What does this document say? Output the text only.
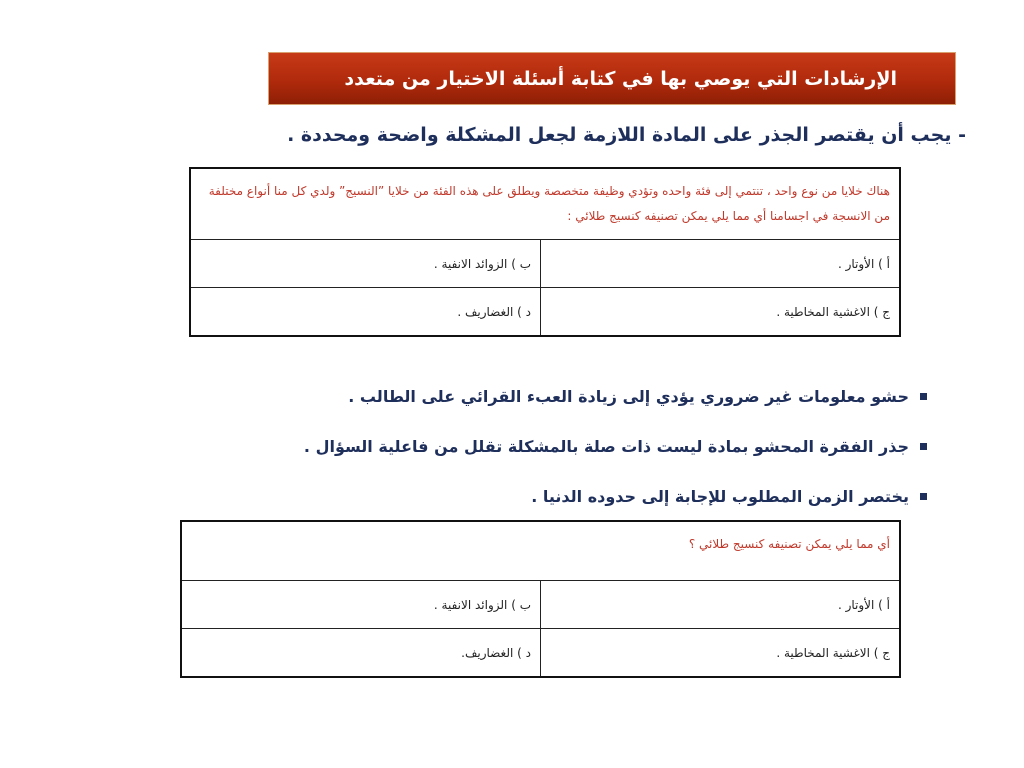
الإرشادات التي يوصي بها في كتابة أسئلة الاختيار من متعدد
- يجب أن يقتصر الجذر على المادة اللازمة لجعل المشكلة واضحة ومحددة .
هناك خلايا من نوع واحد ، تنتمي إلى فئة واحده وتؤدي وظيفة متخصصة ويطلق على هذه الفئة من خلايا ”النسيج” ولدي كل منا أنواع مختلفة من الانسجة في اجسامنا أي مما يلي يمكن تصنيفه كنسيج طلائي :	
أ ) الأوتار .	ب ) الزوائد الانفية .
ج ) الاغشية المخاطية .	د ) الغضاريف .
حشو معلومات غير ضروري يؤدي إلى زيادة العبء القرائي على الطالب .
جذر الفقرة المحشو بمادة ليست ذات صلة بالمشكلة تقلل من فاعلية السؤال .
يختصر الزمن المطلوب للإجابة إلى حدوده الدنيا .
أي مما يلي يمكن تصنيفه كنسيج طلائي ؟	
أ ) الأوتار .	ب ) الزوائد الانفية .
ج ) الاغشية المخاطية .	د ) الغضاريف.
